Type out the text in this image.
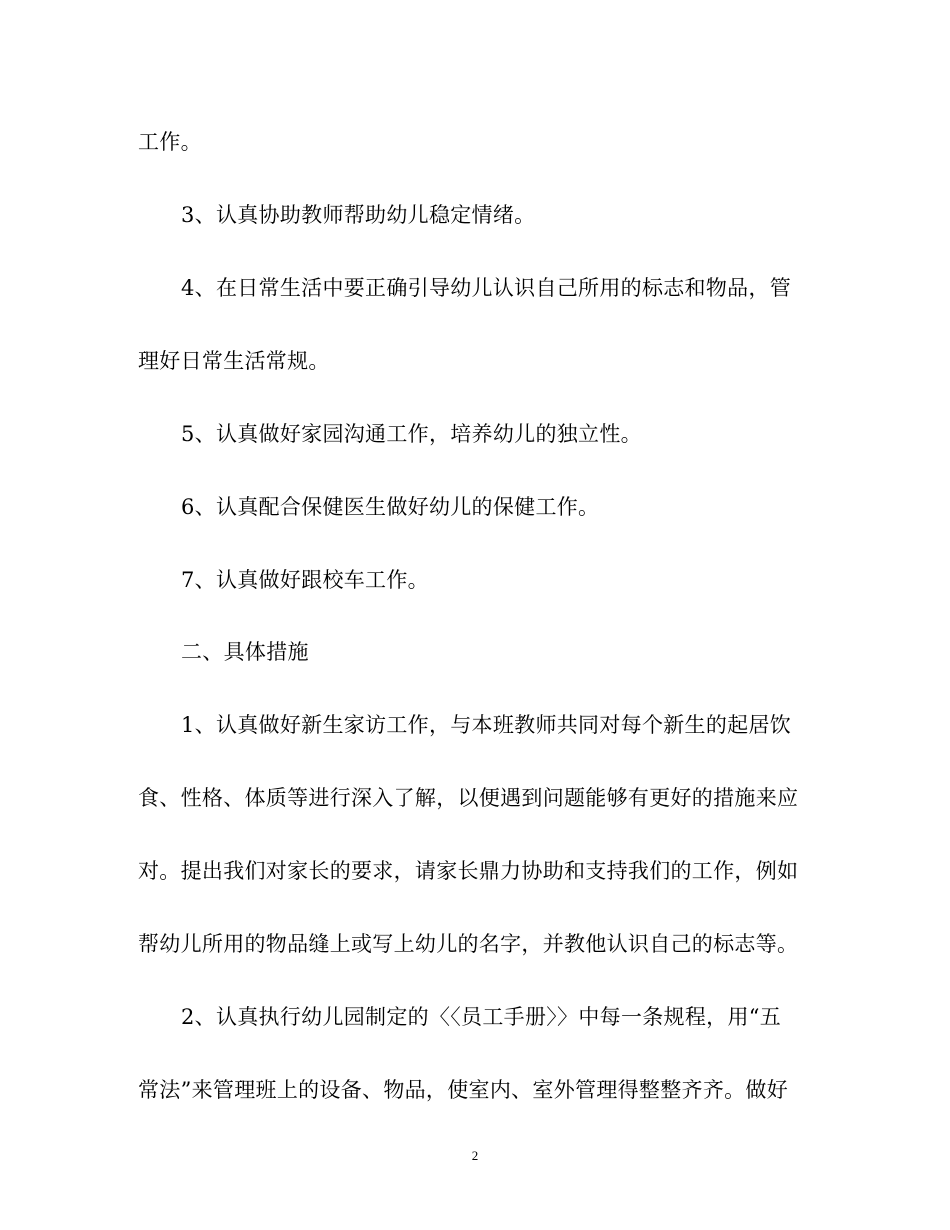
工作。
3、认真协助教师帮助幼儿稳定情绪。
4、在日常生活中要正确引导幼儿认识自己所用的标志和物品，管
理好日常生活常规。
5、认真做好家园沟通工作，培养幼儿的独立性。
6、认真配合保健医生做好幼儿的保健工作。
7、认真做好跟校车工作。
二、具体措施
1、认真做好新生家访工作，与本班教师共同对每个新生的起居饮
食、性格、体质等进行深入了解，以便遇到问题能够有更好的措施来应
对。提出我们对家长的要求，请家长鼎力协助和支持我们的工作，例如
帮幼儿所用的物品缝上或写上幼儿的名字，并教他认识自己的标志等。
2、认真执行幼儿园制定的〈〈员工手册〉〉中每一条规程，用“五
常法”来管理班上的设备、物品，使室内、室外管理得整整齐齐。做好
2
